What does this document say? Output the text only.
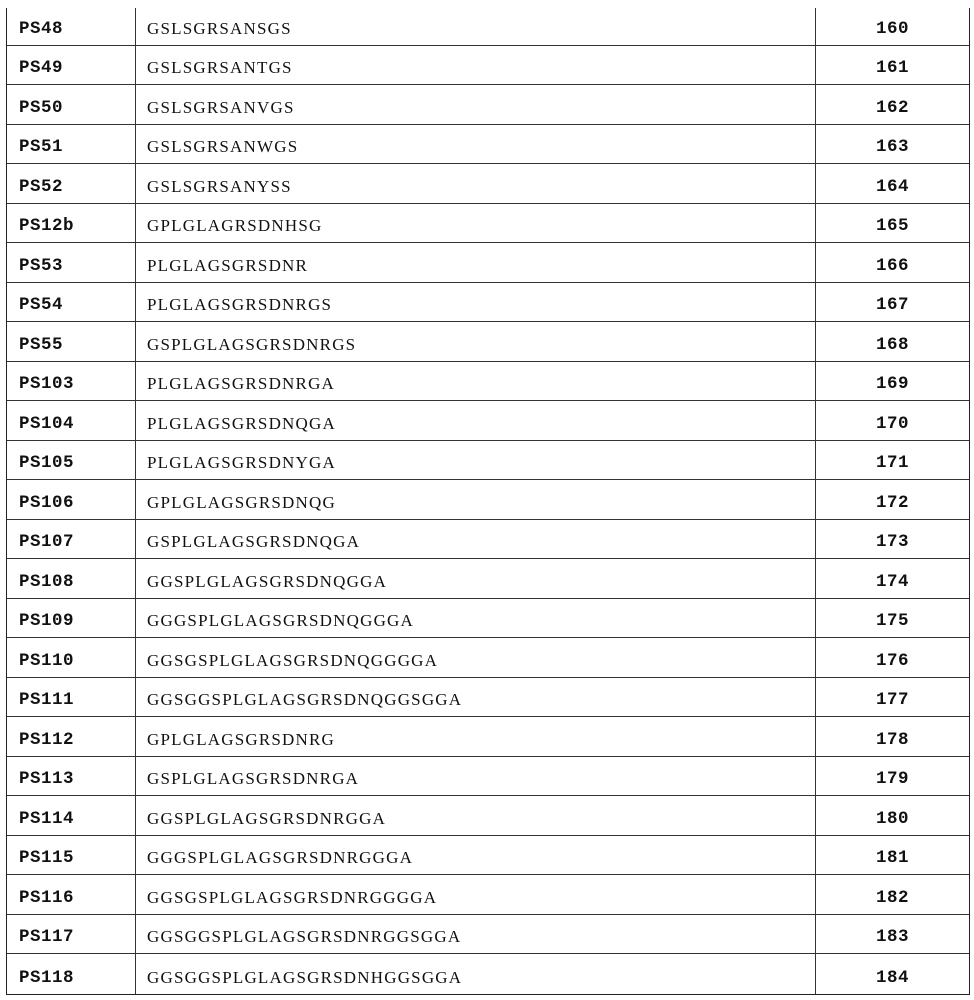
PS48	GSLSGRSANSGS	160
PS49	GSLSGRSANTGS	161
PS50	GSLSGRSANVGS	162
PS51	GSLSGRSANWGS	163
PS52	GSLSGRSANYSS	164
PS12b	GPLGLAGRSDNHSG	165
PS53	PLGLAGSGRSDNR	166
PS54	PLGLAGSGRSDNRGS	167
PS55	GSPLGLAGSGRSDNRGS	168
PS103	PLGLAGSGRSDNRGA	169
PS104	PLGLAGSGRSDNQGA	170
PS105	PLGLAGSGRSDNYGA	171
PS106	GPLGLAGSGRSDNQG	172
PS107	GSPLGLAGSGRSDNQGA	173
PS108	GGSPLGLAGSGRSDNQGGA	174
PS109	GGGSPLGLAGSGRSDNQGGGA	175
PS110	GGSGSPLGLAGSGRSDNQGGGGA	176
PS111	GGSGGSPLGLAGSGRSDNQGGSGGA	177
PS112	GPLGLAGSGRSDNRG	178
PS113	GSPLGLAGSGRSDNRGA	179
PS114	GGSPLGLAGSGRSDNRGGA	180
PS115	GGGSPLGLAGSGRSDNRGGGA	181
PS116	GGSGSPLGLAGSGRSDNRGGGGA	182
PS117	GGSGGSPLGLAGSGRSDNRGGSGGA	183
PS118	GGSGGSPLGLAGSGRSDNHGGSGGA	184
